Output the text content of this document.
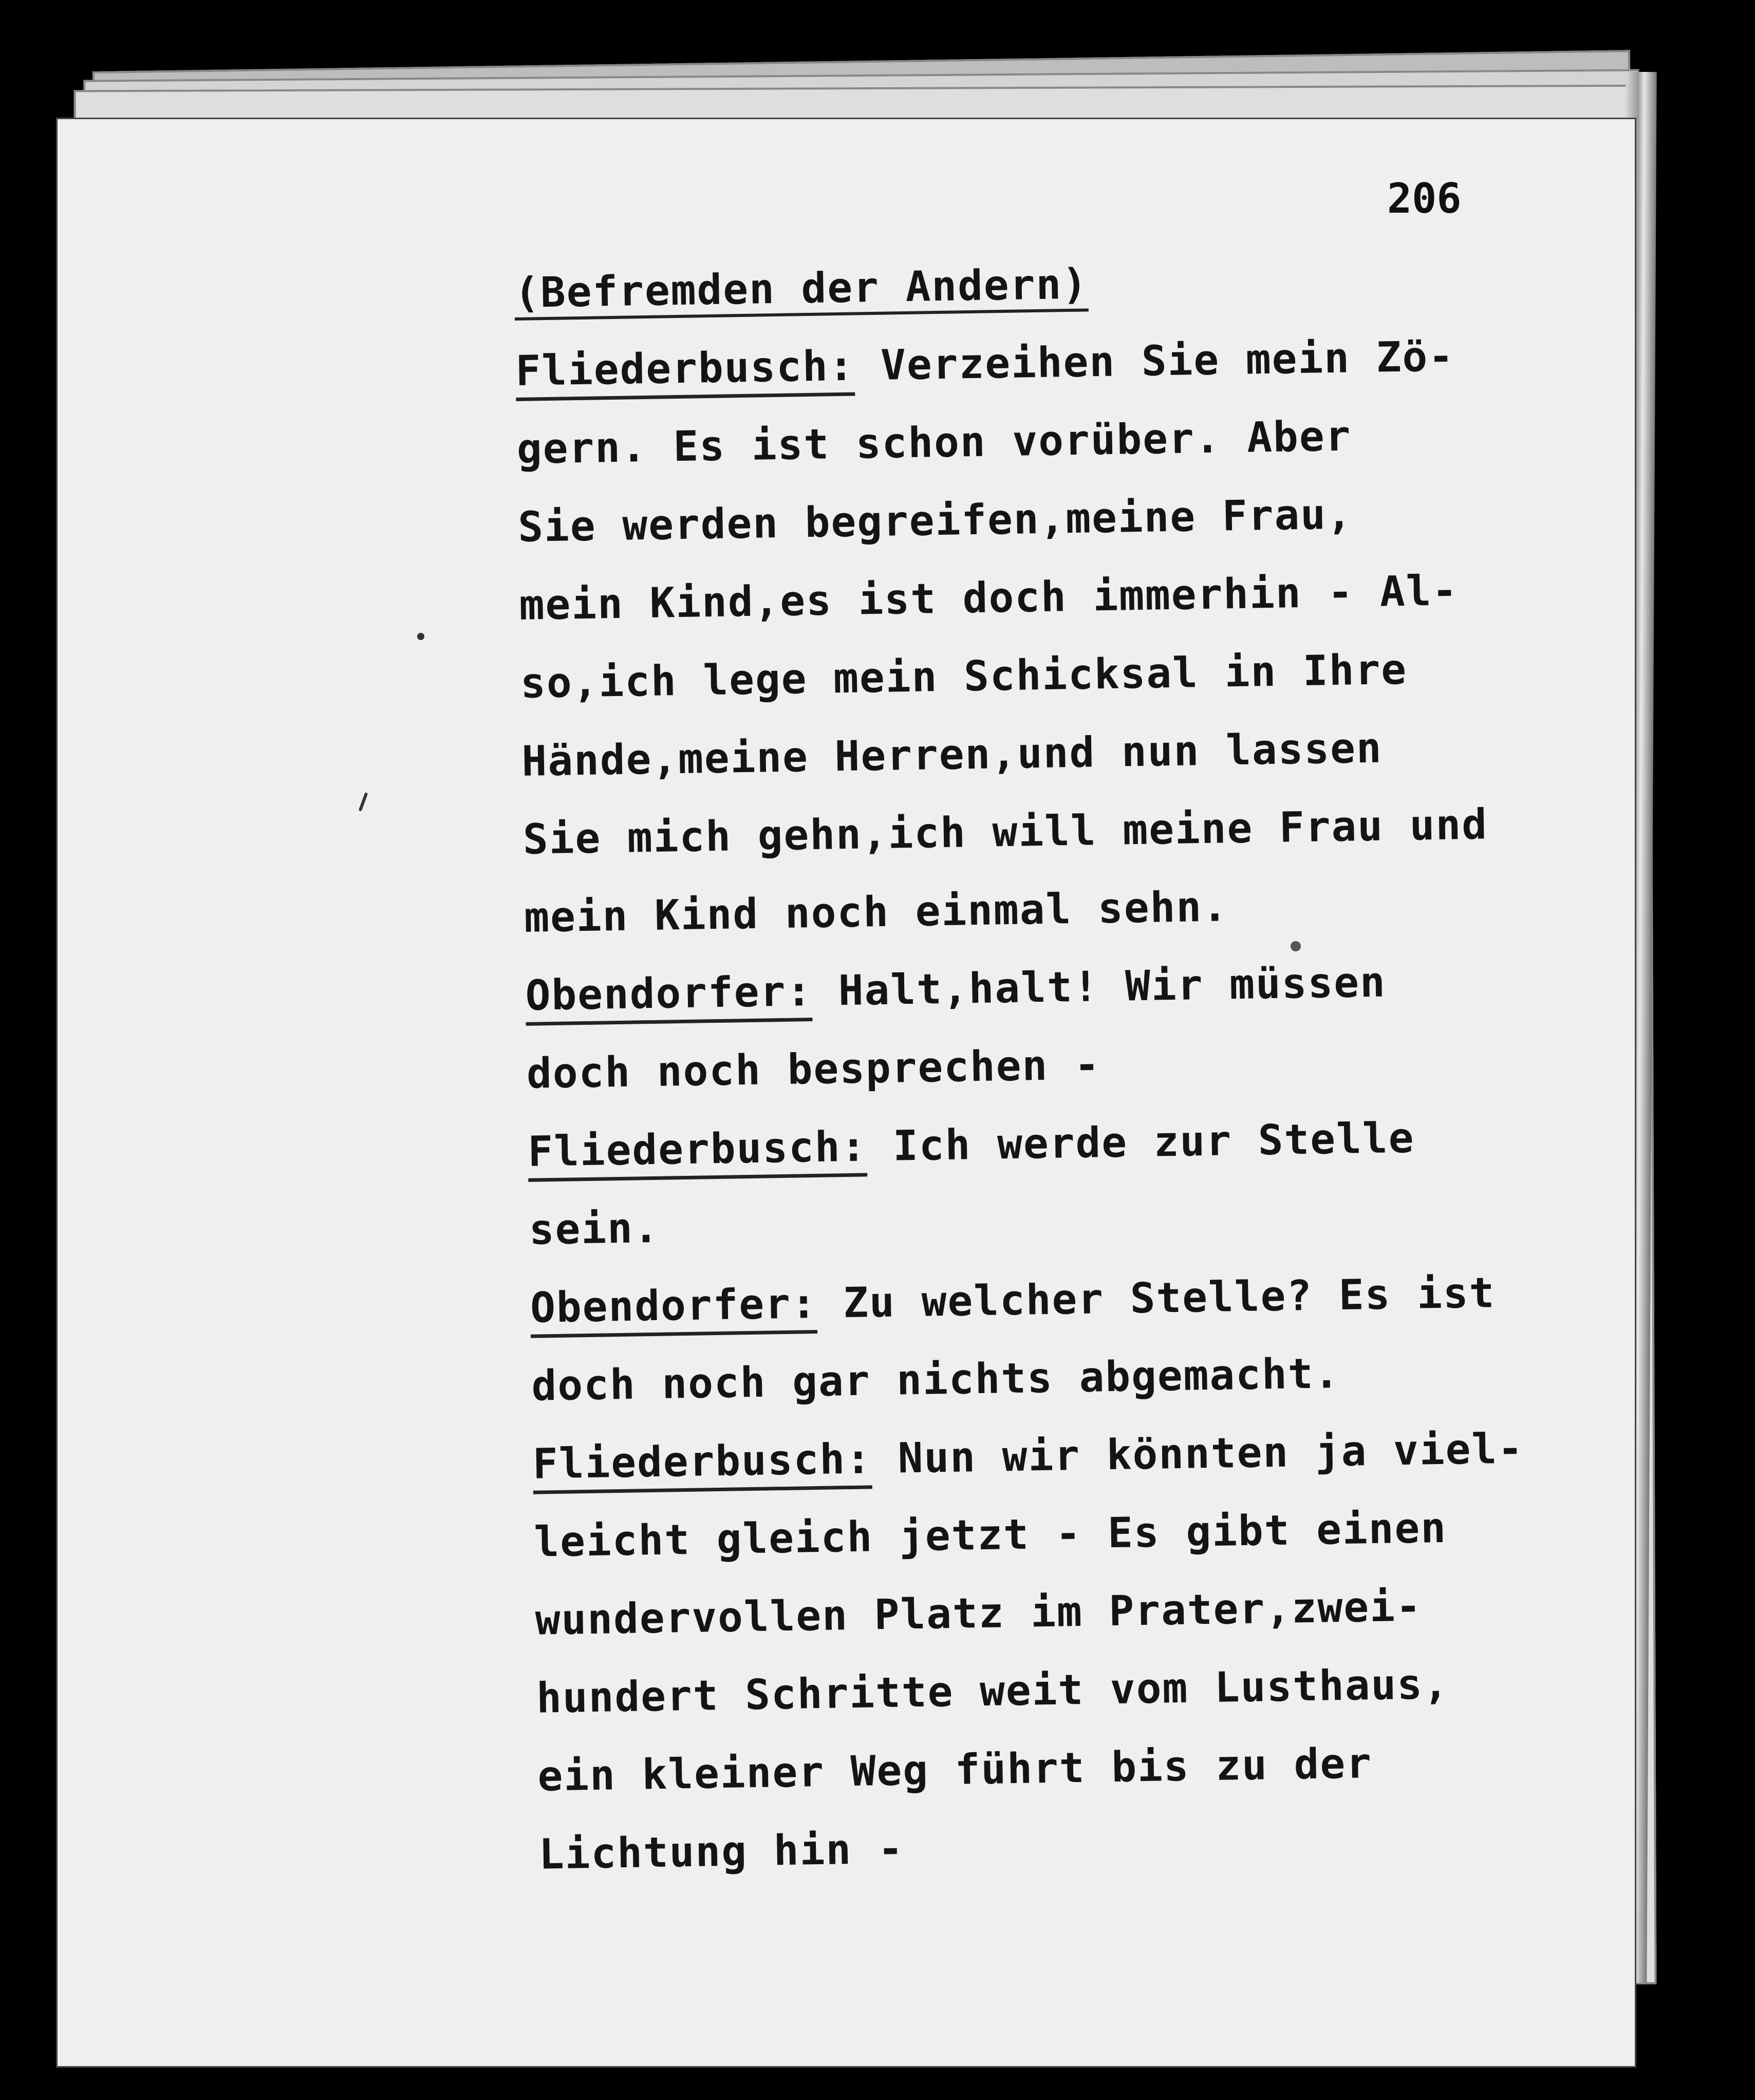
206
(Befremden der Andern)
Fliederbusch: Verzeihen Sie mein Zö-
gern. Es ist schon vorüber. Aber
Sie werden begreifen,meine Frau,
mein Kind,es ist doch immerhin - Al-
so,ich lege mein Schicksal in Ihre
Hände,meine Herren,und nun lassen
Sie mich gehn,ich will meine Frau und
mein Kind noch einmal sehn.
Obendorfer: Halt,halt! Wir müssen
doch noch besprechen -
Fliederbusch: Ich werde zur Stelle
sein.
Obendorfer: Zu welcher Stelle? Es ist
doch noch gar nichts abgemacht.
Fliederbusch: Nun wir könnten ja viel-
leicht gleich jetzt - Es gibt einen
wundervollen Platz im Prater,zwei-
hundert Schritte weit vom Lusthaus,
ein kleiner Weg führt bis zu der
Lichtung hin -
